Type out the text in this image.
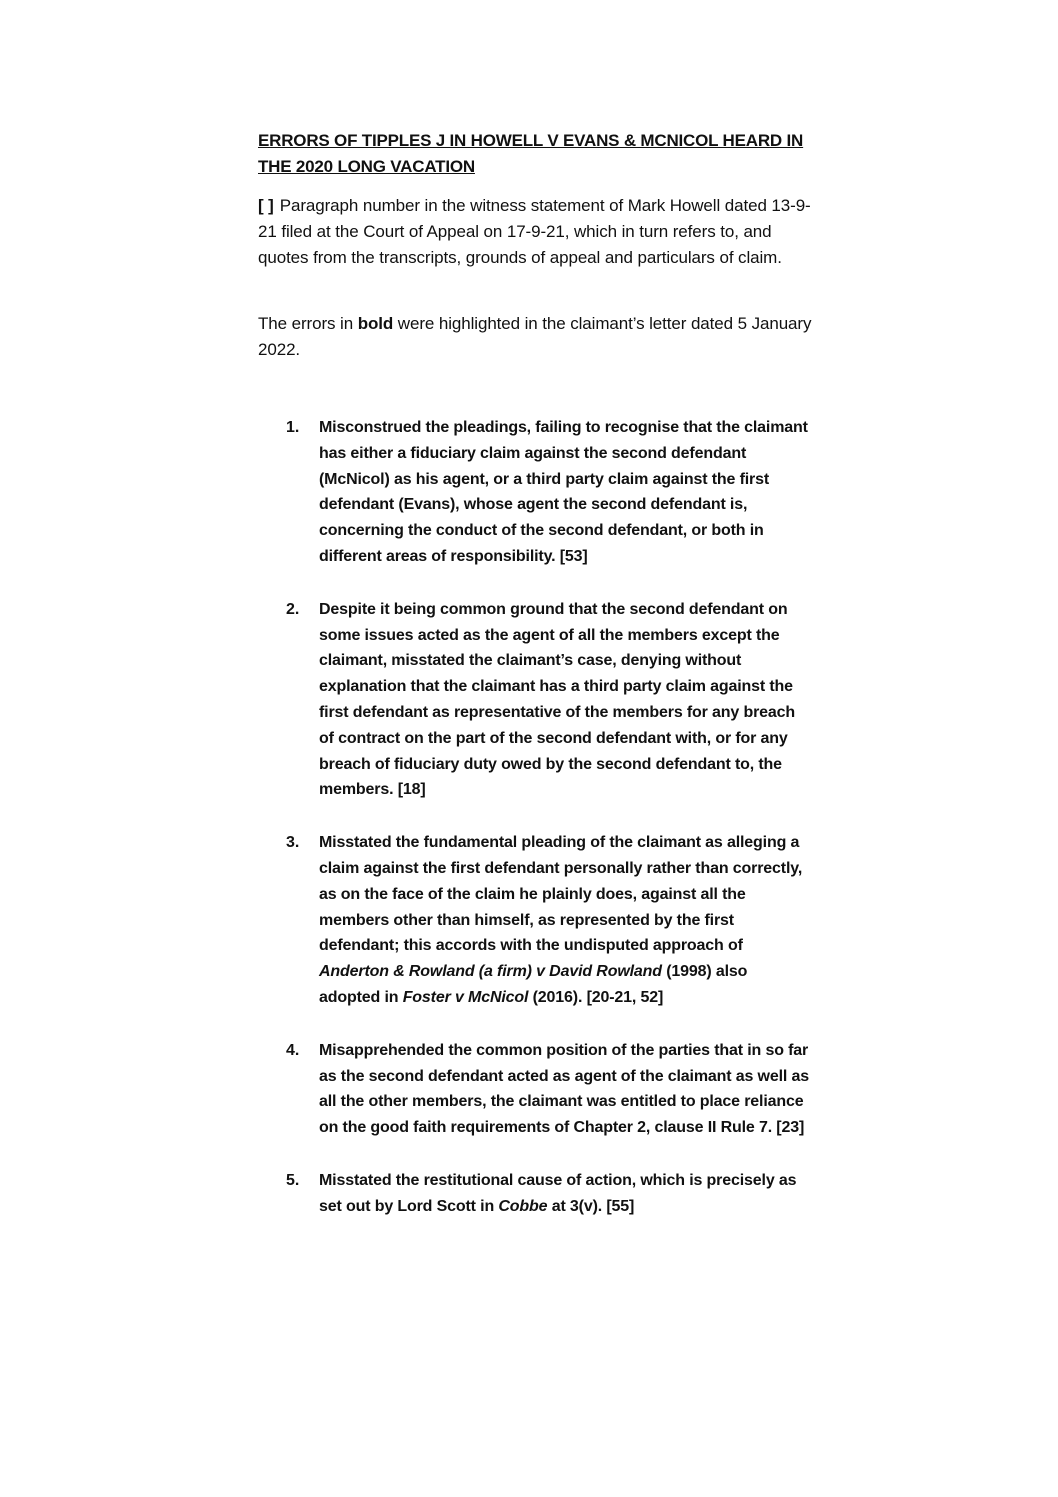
ERRORS OF TIPPLES J IN HOWELL V EVANS & MCNICOL HEARD IN THE 2020 LONG VACATION
[ ] Paragraph number in the witness statement of Mark Howell dated 13-9-21 filed at the Court of Appeal on 17-9-21, which in turn refers to, and quotes from the transcripts, grounds of appeal and particulars of claim.
The errors in bold were highlighted in the claimant’s letter dated 5 January 2022.
1. Misconstrued the pleadings, failing to recognise that the claimant has either a fiduciary claim against the second defendant (McNicol) as his agent, or a third party claim against the first defendant (Evans), whose agent the second defendant is, concerning the conduct of the second defendant, or both in different areas of responsibility. [53]
2. Despite it being common ground that the second defendant on some issues acted as the agent of all the members except the claimant, misstated the claimant’s case, denying without explanation that the claimant has a third party claim against the first defendant as representative of the members for any breach of contract on the part of the second defendant with, or for any breach of fiduciary duty owed by the second defendant to, the members. [18]
3. Misstated the fundamental pleading of the claimant as alleging a claim against the first defendant personally rather than correctly, as on the face of the claim he plainly does, against all the members other than himself, as represented by the first defendant; this accords with the undisputed approach of Anderton & Rowland (a firm) v David Rowland (1998) also adopted in Foster v McNicol (2016). [20-21, 52]
4. Misapprehended the common position of the parties that in so far as the second defendant acted as agent of the claimant as well as all the other members, the claimant was entitled to place reliance on the good faith requirements of Chapter 2, clause II Rule 7. [23]
5. Misstated the restitutional cause of action, which is precisely as set out by Lord Scott in Cobbe at 3(v). [55]
